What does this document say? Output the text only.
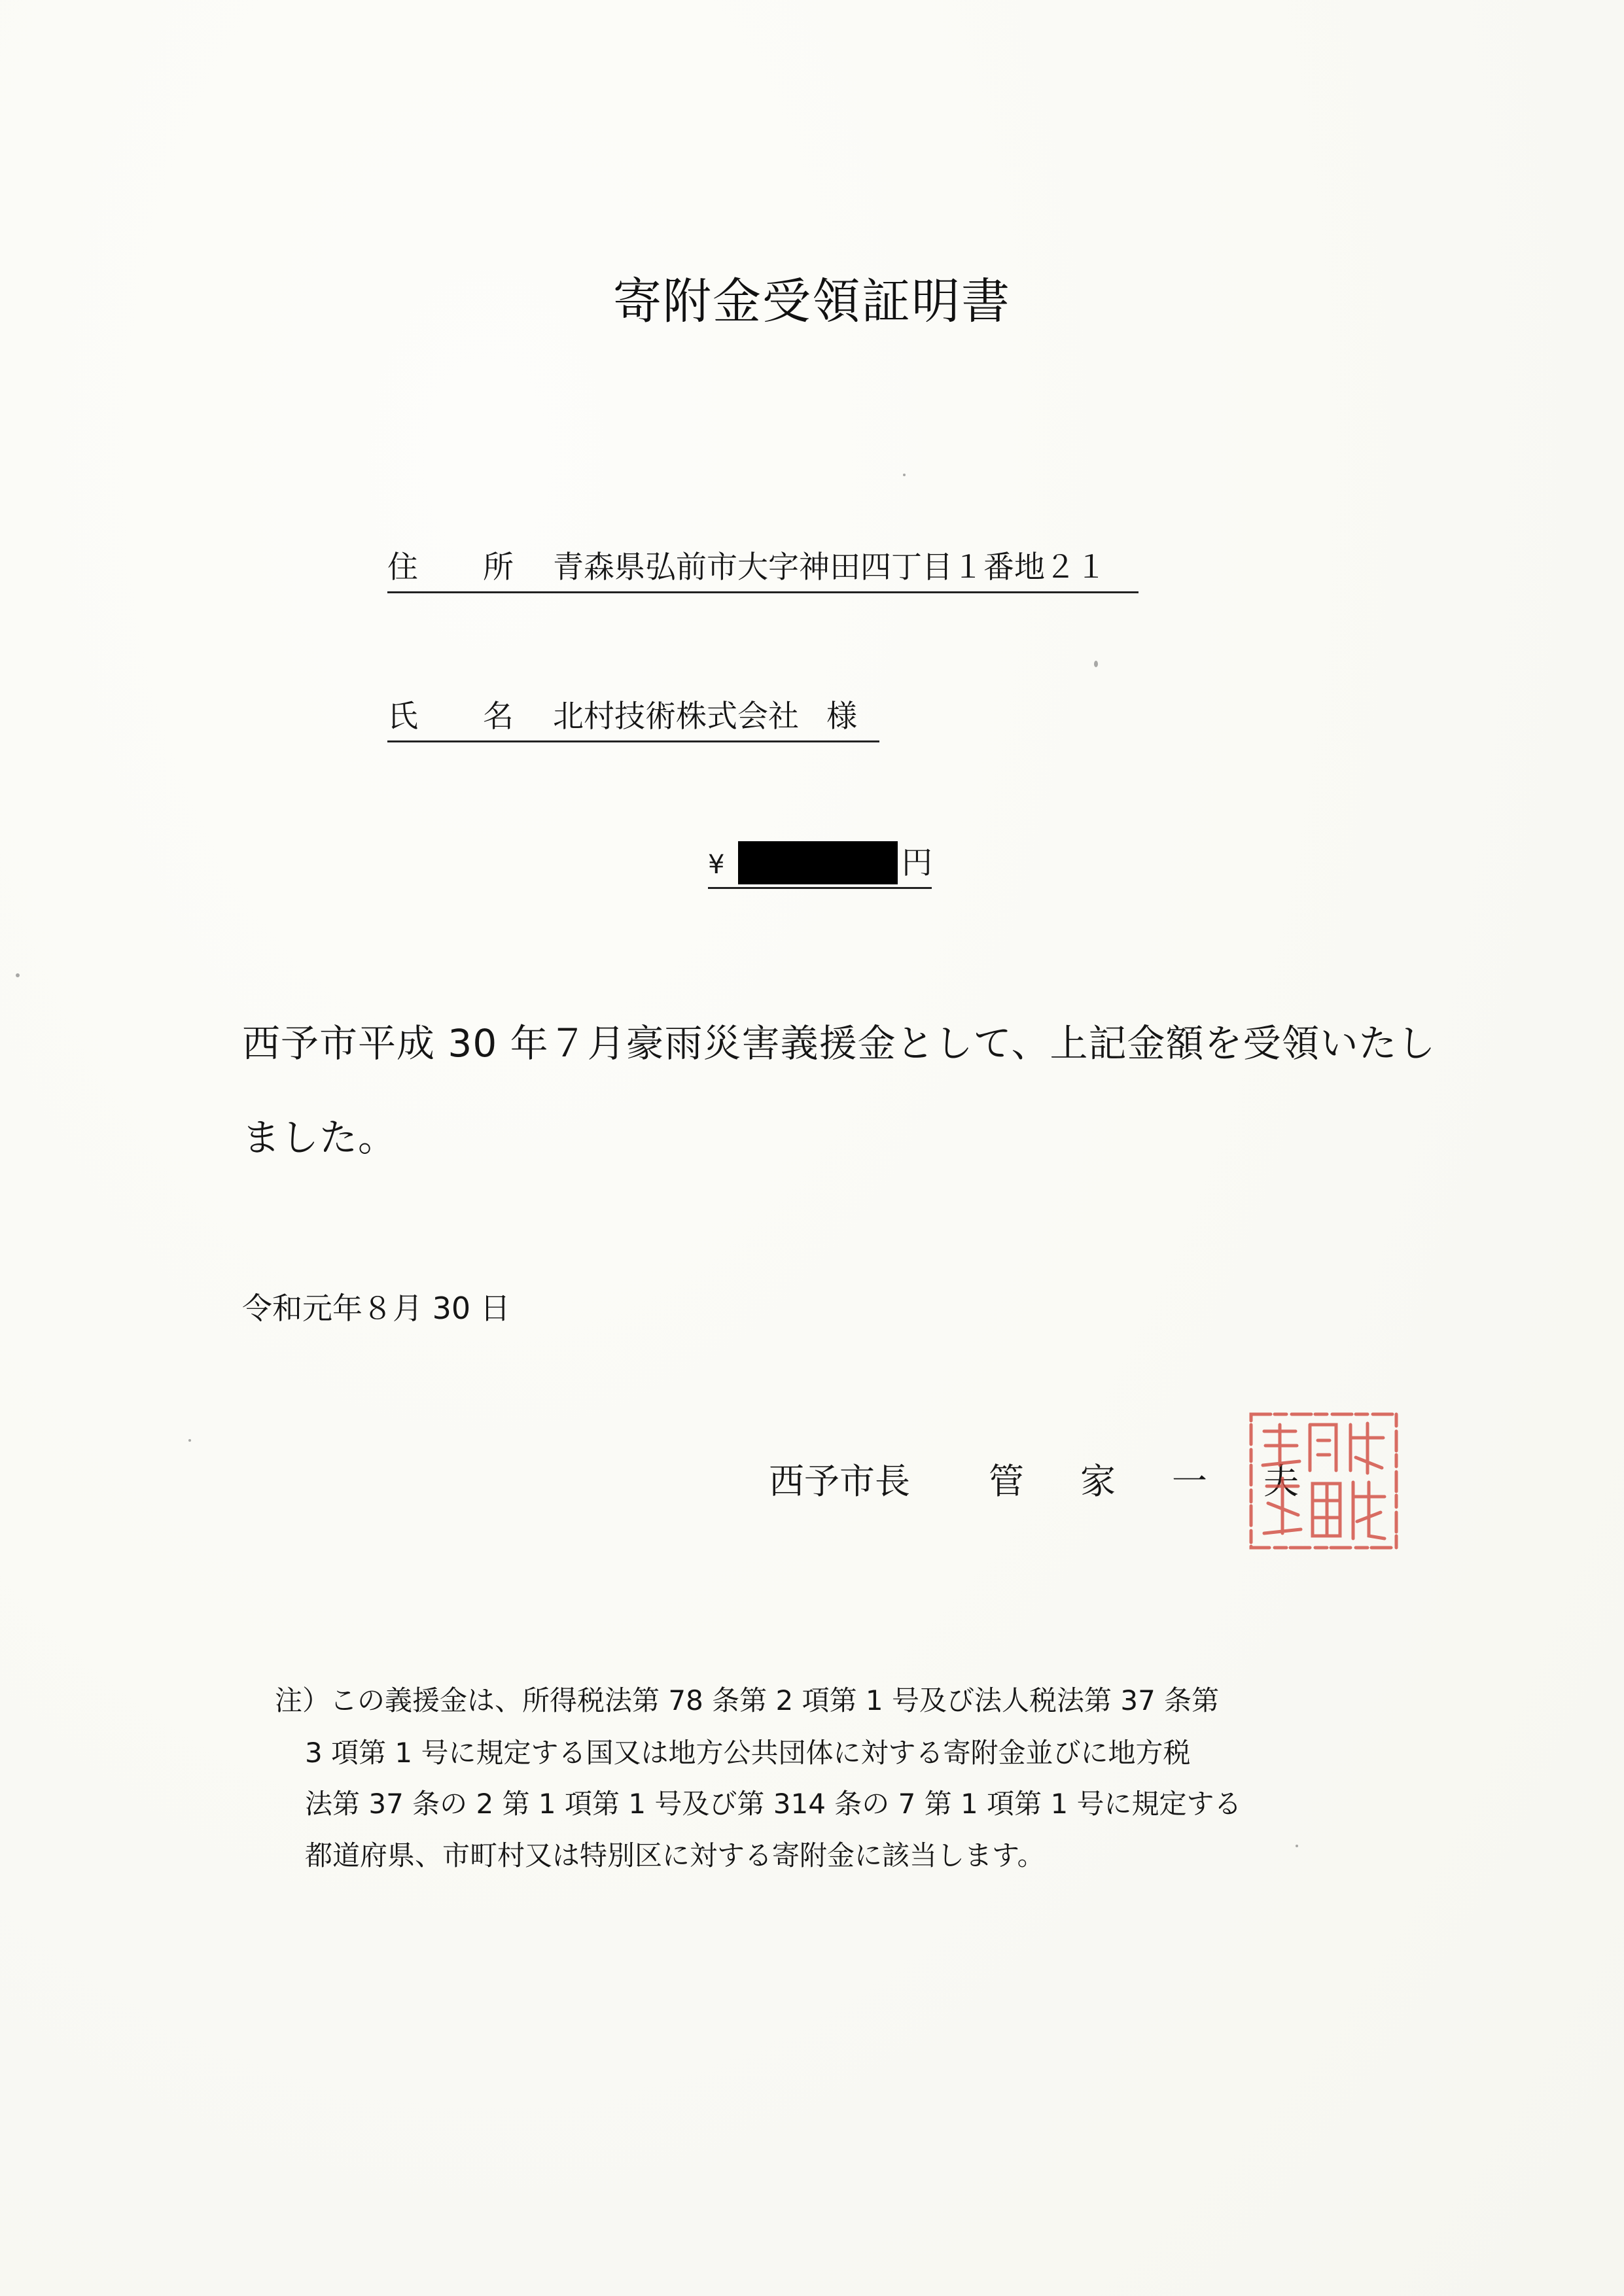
寄附金受領証明書
住 所 青森県弘前市大字神田四丁目１番地２１
氏 名 北村技術株式会社 様
¥	円
西予市平成 30 年７月豪雨災害義援金として、上記金額を受領いたし
ました。
令和元年８月 30 日
西予市長 管 家 一 夫
注）この義援金は、所得税法第 78 条第 2 項第 1 号及び法人税法第 37 条第
3 項第 1 号に規定する国又は地方公共団体に対する寄附金並びに地方税
法第 37 条の 2 第 1 項第 1 号及び第 314 条の 7 第 1 項第 1 号に規定する
都道府県、市町村又は特別区に対する寄附金に該当します。
